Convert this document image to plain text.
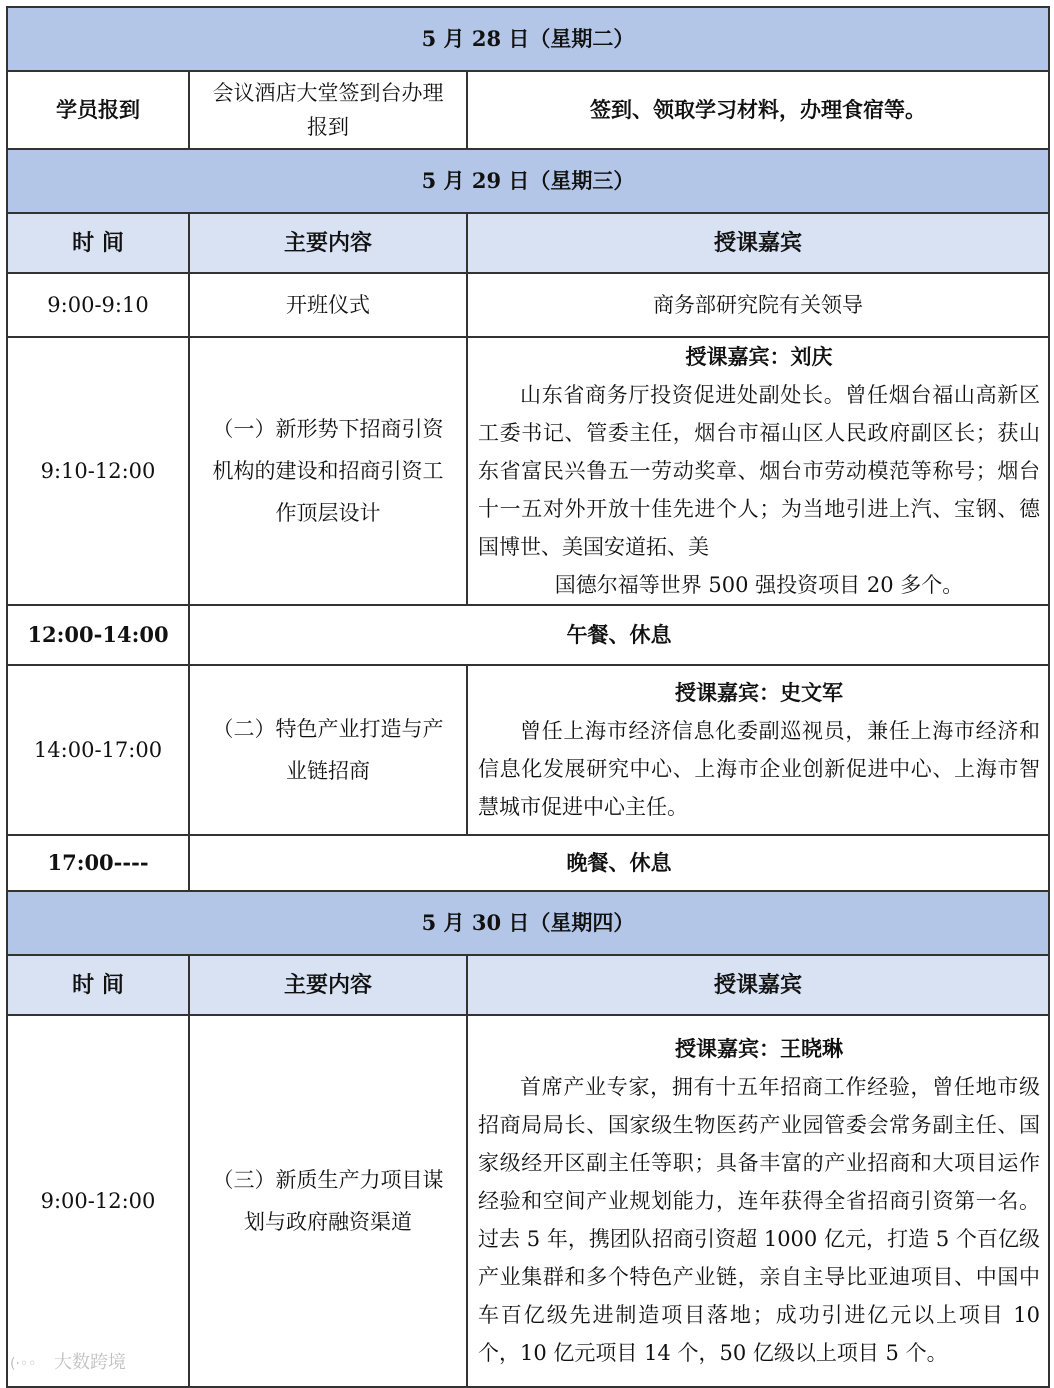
5 月 28 日（星期二）		
学员报到	会议酒店大堂签到台办理报到	签到、领取学习材料，办理食宿等。
5 月 29 日（星期三）		
时 间	主要内容	授课嘉宾
9:00-9:10	开班仪式	商务部研究院有关领导
9:10-12:00	（一）新形势下招商引资机构的建设和招商引资工作顶层设计	授课嘉宾：刘庆

山东省商务厅投资促进处副处长。曾任烟台福山高新区工委书记、管委主任，烟台市福山区人民政府副区长；获山东省富民兴鲁五一劳动奖章、烟台市劳动模范等称号；烟台十一五对外开放十佳先进个人；为当地引进上汽、宝钢、德国博世、美国安道拓、美

国德尔福等世界 500 强投资项目 20 多个。

12:00-14:00	午餐、休息	
14:00-17:00	（二）特色产业打造与产业链招商	授课嘉宾：史文军

曾任上海市经济信息化委副巡视员，兼任上海市经济和信息化发展研究中心、上海市企业创新促进中心、上海市智慧城市促进中心主任。

17:00----	晚餐、休息	
5 月 30 日（星期四）		
时 间	主要内容	授课嘉宾
9:00-12:00	（三）新质生产力项目谋划与政府融资渠道	授课嘉宾：王晓琳

首席产业专家，拥有十五年招商工作经验，曾任地市级招商局局长、国家级生物医药产业园管委会常务副主任、国家级经开区副主任等职；具备丰富的产业招商和大项目运作经验和空间产业规划能力，连年获得全省招商引资第一名。过去 5 年，携团队招商引资超 1000 亿元，打造 5 个百亿级产业集群和多个特色产业链，亲自主导比亚迪项目、中国中车百亿级先进制造项目落地；成功引进亿元以上项目 10 个，10 亿元项目 14 个，50 亿级以上项目 5 个。

(·◦◦ 大数跨境
